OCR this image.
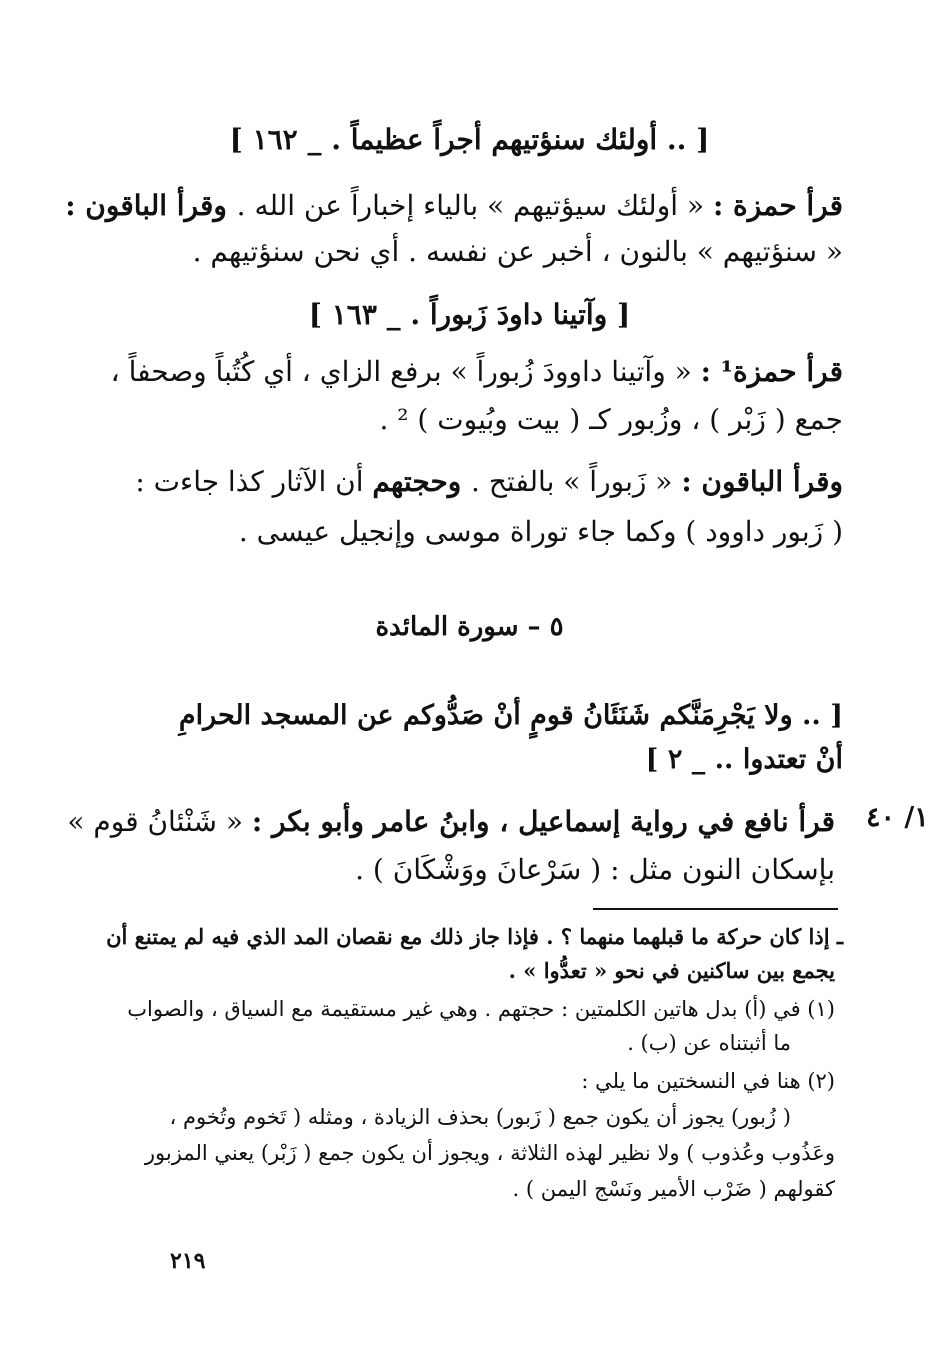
[ .. أولئك سنؤتيهم أجراً عظيماً . _ ١٦٢ ]
قرأ حمزة : « أولئك سيؤتيهم » بالياء إخباراً عن الله . وقرأ الباقون :
« سنؤتيهم » بالنون ، أخبر عن نفسه . أي نحن سنؤتيهم .
[ وآتينا داودَ زَبوراً . _ ١٦٣ ]
قرأ حمزة¹ : « وآتينا داوودَ زُبوراً » برفع الزاي ، أي كُتُباً وصحفاً ،
جمع ( زَبْر ) ، وزُبور كـ ( بيت وبُيوت ) ² .
وقرأ الباقون : « زَبوراً » بالفتح . وحجتهم أن الآثار كذا جاءت :
( زَبور داوود ) وكما جاء توراة موسى وإنجيل عيسى .
٥ – سورة المائدة
[ .. ولا يَجْرِمَنَّكم شَنَئَانُ قومٍ أنْ صَدُّوكم عن المسجد الحرامِ
أنْ تعتدوا .. _ ٢ ]
١/ ٤٠
قرأ نافع في رواية إسماعيل ، وابنُ عامر وأبو بكر : « شَنْئانُ قوم »
بإسكان النون مثل : ( سَرْعانَ ووَشْكَانَ ) .
ـ إذا كان حركة ما قبلهما منهما ؟ . فإذا جاز ذلك مع نقصان المد الذي فيه لم يمتنع أن
يجمع بين ساكنين في نحو « تعدُّوا » .
(١) في (أ) بدل هاتين الكلمتين : حجتهم . وهي غير مستقيمة مع السياق ، والصواب
ما أثبتناه عن (ب) .
(٢) هنا في النسختين ما يلي :
( زُبور) يجوز أن يكون جمع ( زَبور) بحذف الزيادة ، ومثله ( تَخوم وتُخوم ،
وعَذُوب وعُذوب ) ولا نظير لهذه الثلاثة ، ويجوز أن يكون جمع ( زَبْر) يعني المزبور
كقولهم ( ضَرْب الأمير ونَسْج اليمن ) .
٢١٩
